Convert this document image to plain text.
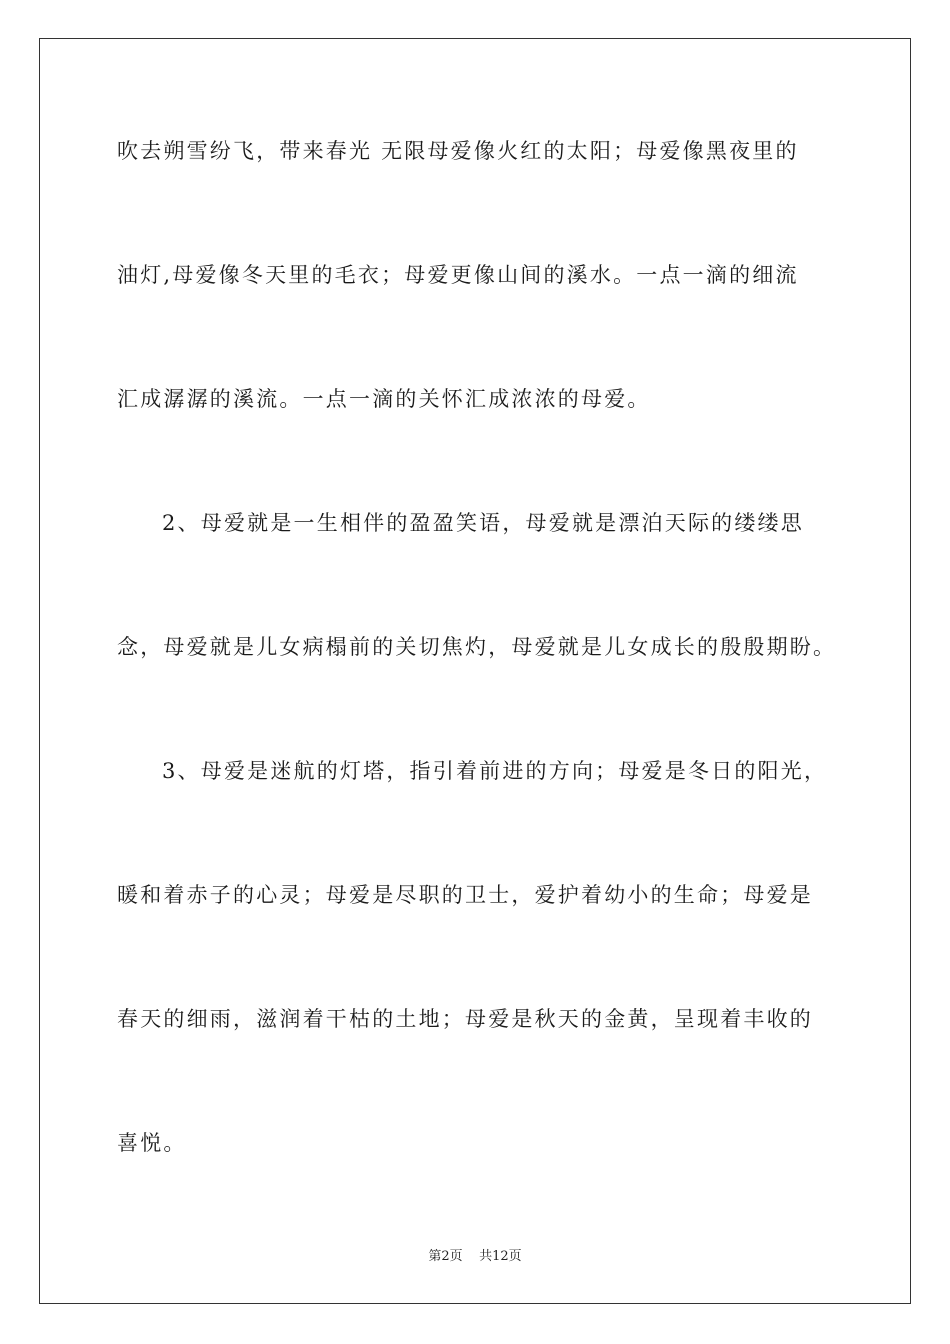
吹去朔雪纷飞，带来春光 无限母爱像火红的太阳；母爱像黑夜里的
油灯,母爱像冬天里的毛衣；母爱更像山间的溪水。一点一滴的细流
汇成潺潺的溪流。一点一滴的关怀汇成浓浓的母爱。
2、母爱就是一生相伴的盈盈笑语，母爱就是漂泊天际的缕缕思
念，母爱就是儿女病榻前的关切焦灼，母爱就是儿女成长的殷殷期盼。
3、母爱是迷航的灯塔，指引着前进的方向；母爱是冬日的阳光，
暖和着赤子的心灵；母爱是尽职的卫士，爱护着幼小的生命；母爱是
春天的细雨，滋润着干枯的土地；母爱是秋天的金黄，呈现着丰收的
喜悦。
第2页 共12页
